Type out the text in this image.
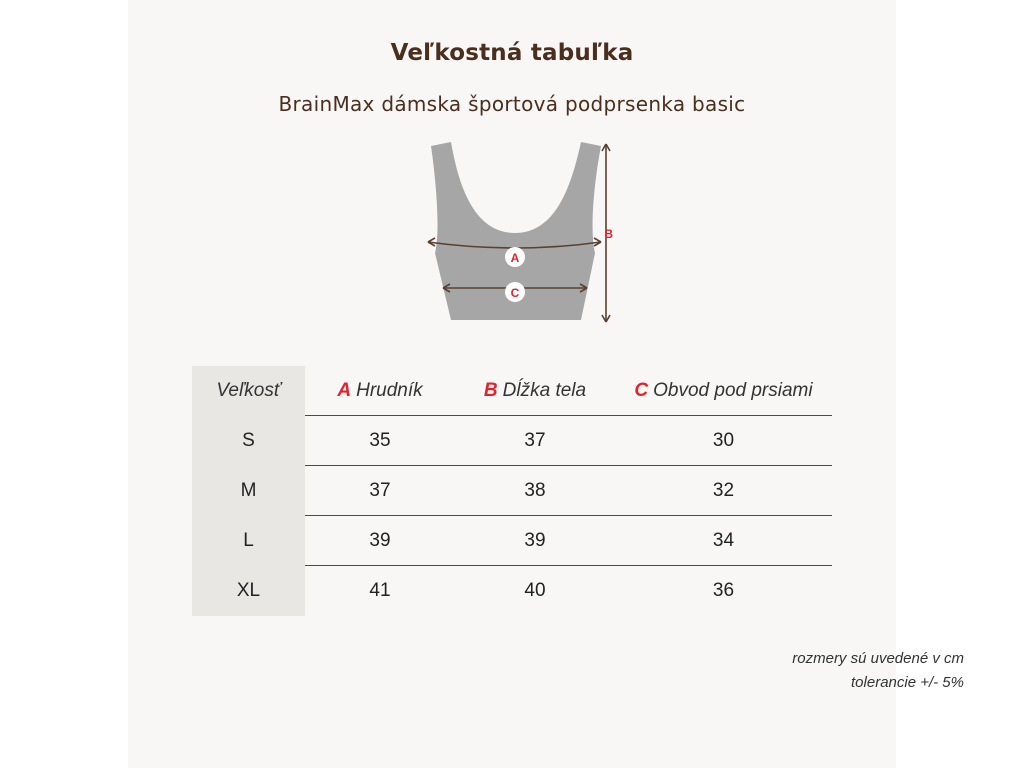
Veľkostná tabuľka
BrainMax dámska športová podprsenka basic
A
C
B
Veľkosť	A Hrudník	B Dĺžka tela	C Obvod pod prsiami
S	35	37	30
M	37	38	32
L	39	39	34
XL	41	40	36
rozmery sú uvedené v cm
tolerancie +/- 5%
